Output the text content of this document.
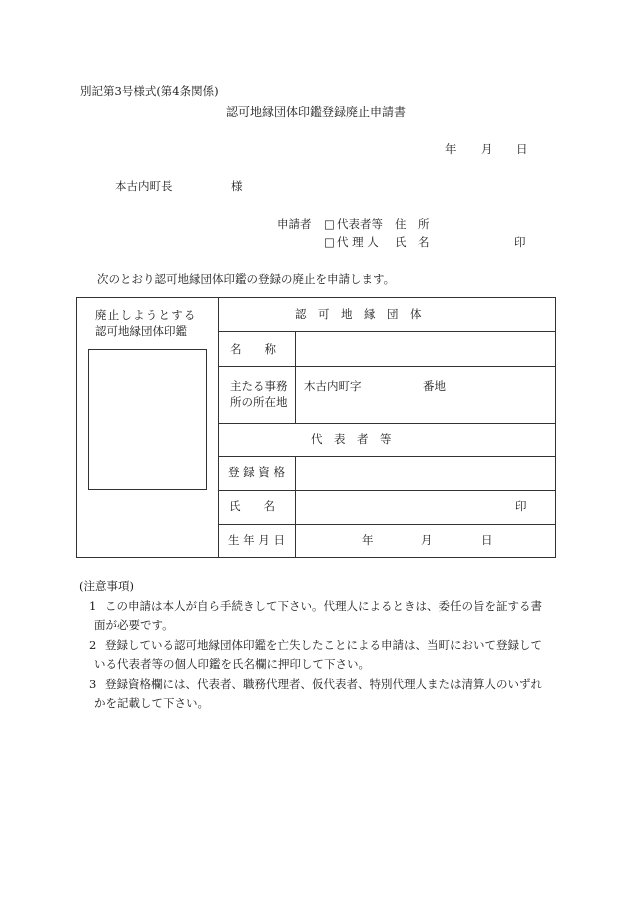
別記第3号様式(第4条関係)
認可地縁団体印鑑登録廃止申請書
年 月 日
本古内町長	様
申請者 □ 代表者等 住　所
□ 代 理 人 氏　名	印
次のとおり認可地縁団体印鑑の登録の廃止を申請します。
廃止しようとする
認可地縁団体印鑑
認　可　地　縁　団　体
名　　称
主たる事務
所の所在地
木古内町字	番地
代　表　者　等
登 録 資 格
氏　　名	印
生 年 月 日	年	月	日
(注意事項)
1 この申請は本人が自ら手続きして下さい。代理人によるときは、委任の旨を証する書
面が必要です。
2 登録している認可地縁団体印鑑を亡失したことによる申請は、当町において登録して
いる代表者等の個人印鑑を氏名欄に押印して下さい。
3 登録資格欄には、代表者、職務代理者、仮代表者、特別代理人または清算人のいずれ
かを記載して下さい。
